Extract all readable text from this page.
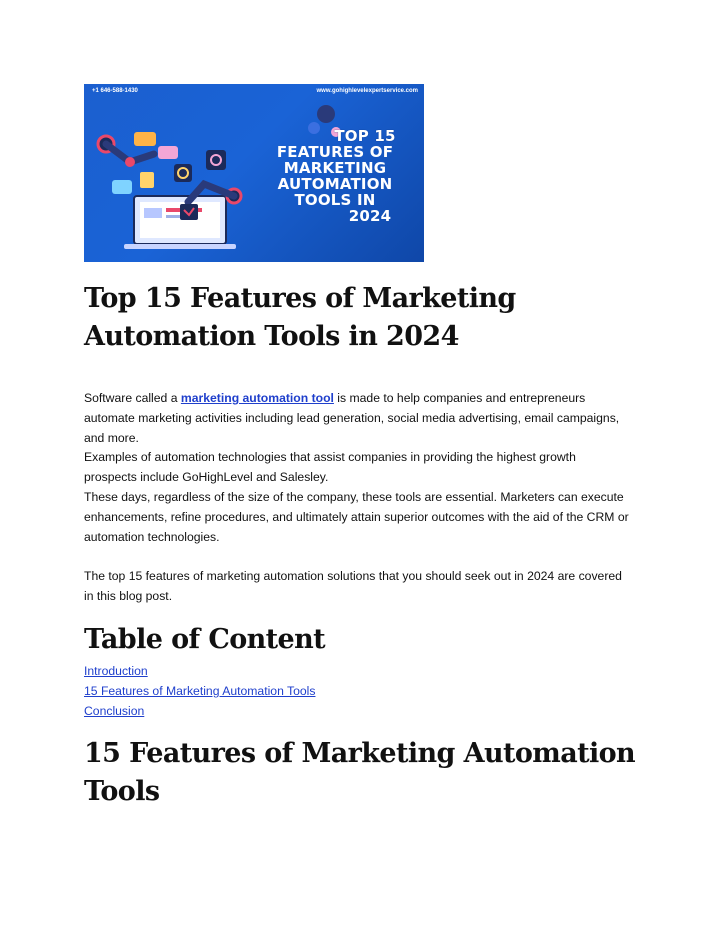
+1 646-588-1430	www.gohighlevelexpertservice.com
TOP 15
FEATURES OF
MARKETING
AUTOMATION
TOOLS IN
2024
Top 15 Features of Marketing Automation Tools in 2024

Software called a marketing automation tool is made to help companies and entrepreneurs automate marketing activities including lead generation, social media advertising, email campaigns, and more.
Examples of automation technologies that assist companies in providing the highest growth prospects include GoHighLevel and Salesley.
These days, regardless of the size of the company, these tools are essential. Marketers can execute enhancements, refine procedures, and ultimately attain superior outcomes with the aid of the CRM or automation technologies.

The top 15 features of marketing automation solutions that you should seek out in 2024 are covered in this blog post.

Table of Content
Introduction
15 Features of Marketing Automation Tools
Conclusion
15 Features of Marketing Automation Tools
